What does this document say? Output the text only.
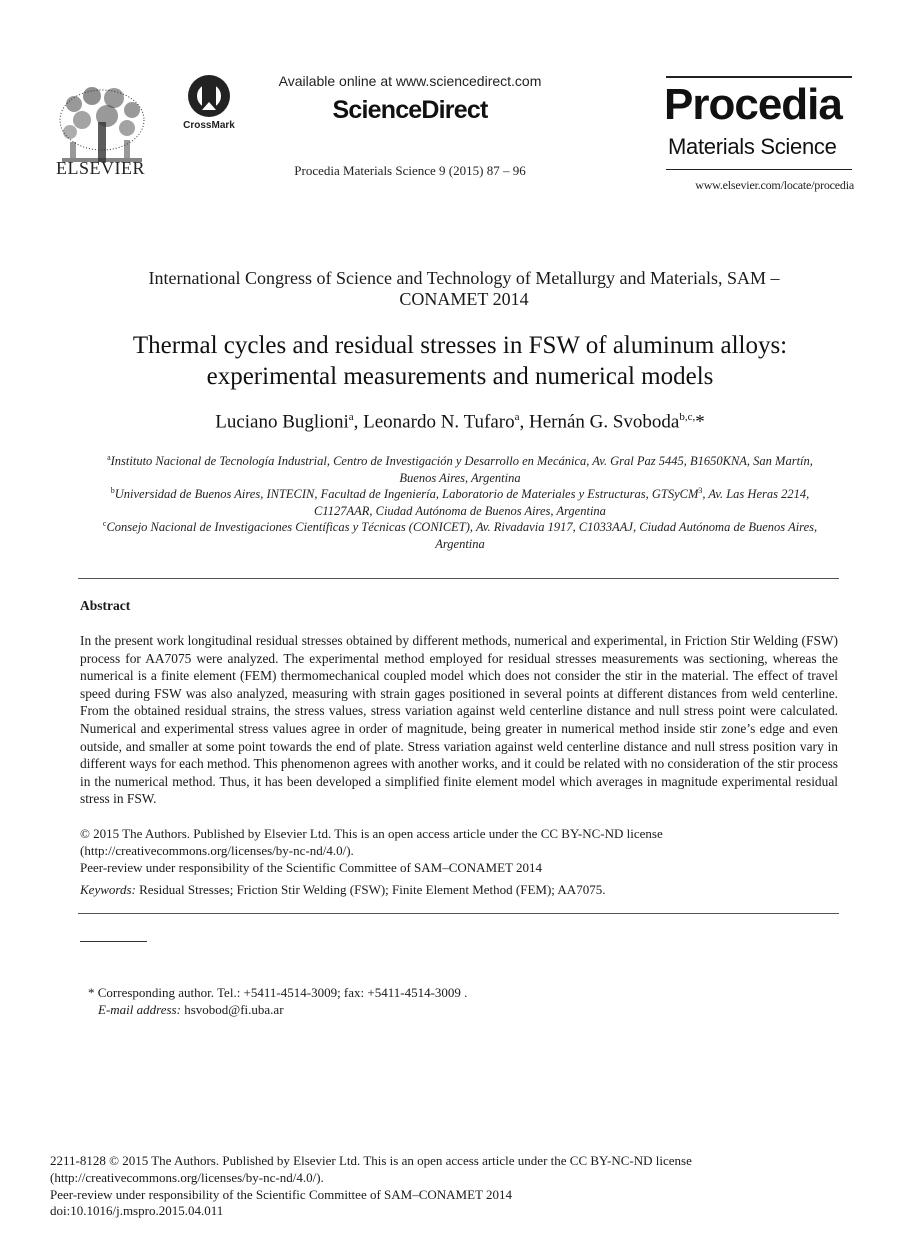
ELSEVIER
CrossMark
Available online at www.sciencedirect.com
ScienceDirect
Procedia Materials Science 9 (2015) 87 – 96
Procedia
Materials Science
www.elsevier.com/locate/procedia
International Congress of Science and Technology of Metallurgy and Materials, SAM –
CONAMET 2014
Thermal cycles and residual stresses in FSW of aluminum alloys:
experimental measurements and numerical models
Luciano Buglioni$^a$, Leonardo N. Tufaro$^a$, Hernán G. Svoboda$^{b,c,}$*
$^a$Instituto Nacional de Tecnología Industrial, Centro de Investigación y Desarrollo en Mecánica, Av. Gral Paz 5445, B1650KNA, San Martín,
Buenos Aires, Argentina
$^b$Universidad de Buenos Aires, INTECIN, Facultad de Ingeniería, Laboratorio de Materiales y Estructuras, GTSyCM$^3$, Av. Las Heras 2214,
C1127AAR, Ciudad Autónoma de Buenos Aires, Argentina
$^c$Consejo Nacional de Investigaciones Científicas y Técnicas (CONICET), Av. Rivadavia 1917, C1033AAJ, Ciudad Autónoma de Buenos Aires,
Argentina
Abstract
In the present work longitudinal residual stresses obtained by different methods, numerical and experimental, in Friction Stir Welding (FSW) process for AA7075 were analyzed. The experimental method employed for residual stresses measurements was sectioning, whereas the numerical is a finite element (FEM) thermomechanical coupled model which does not consider the stir in the material. The effect of travel speed during FSW was also analyzed, measuring with strain gages positioned in several points at different distances from weld centerline. From the obtained residual strains, the stress values, stress variation against weld centerline distance and null stress point were calculated. Numerical and experimental stress values agree in order of magnitude, being greater in numerical method inside stir zone’s edge and even outside, and smaller at some point towards the end of plate. Stress variation against weld centerline distance and null stress position vary in different ways for each method. This phenomenon agrees with another works, and it could be related with no consideration of the stir process in the numerical method. Thus, it has been developed a simplified finite element model which averages in magnitude experimental residual stress in FSW.

© 2015 The Authors. Published by Elsevier Ltd. This is an open access article under the CC BY-NC-ND license

(http://creativecommons.org/licenses/by-nc-nd/4.0/).

Peer-review under responsibility of the Scientific Committee of SAM–CONAMET 2014

Keywords: Residual Stresses; Friction Stir Welding (FSW); Finite Element Method (FEM); AA7075.

* Corresponding author. Tel.: +5411-4514-3009; fax: +5411-4514-3009 .

E-mail address: hsvobod@fi.uba.ar

2211-8128 © 2015 The Authors. Published by Elsevier Ltd. This is an open access article under the CC BY-NC-ND license

(http://creativecommons.org/licenses/by-nc-nd/4.0/).

Peer-review under responsibility of the Scientific Committee of SAM–CONAMET 2014

doi:10.1016/j.mspro.2015.04.011
